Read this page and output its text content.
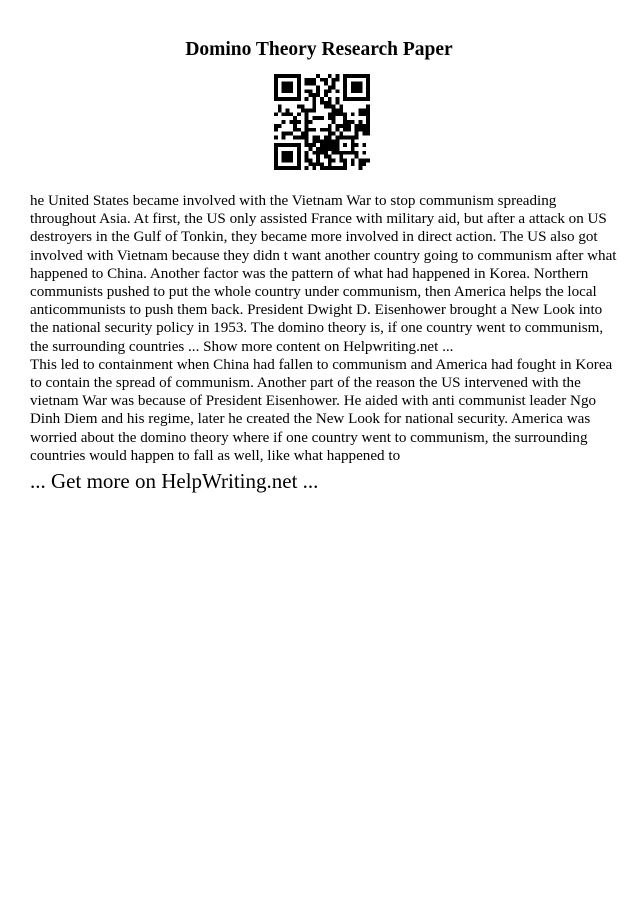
Domino Theory Research Paper

he United States became involved with the Vietnam War to stop communism spreading throughout Asia. At first, the US only assisted France with military aid, but after a attack on US destroyers in the Gulf of Tonkin, they became more involved in direct action. The US also got involved with Vietnam because they didn t want another country going to communism after what happened to China. Another factor was the pattern of what had happened in Korea. Northern communists pushed to put the whole country under communism, then America helps the local anticommunists to push them back. President Dwight D. Eisenhower brought a New Look into the national security policy in 1953. The domino theory is, if one country went to communism, the surrounding countries ... Show more content on Helpwriting.net ...

This led to containment when China had fallen to communism and America had fought in Korea to contain the spread of communism. Another part of the reason the US intervened with the vietnam War was because of President Eisenhower. He aided with anti communist leader Ngo Dinh Diem and his regime, later he created the New Look for national security. America was worried about the domino theory where if one country went to communism, the surrounding countries would happen to fall as well, like what happened to

... Get more on HelpWriting.net ...
